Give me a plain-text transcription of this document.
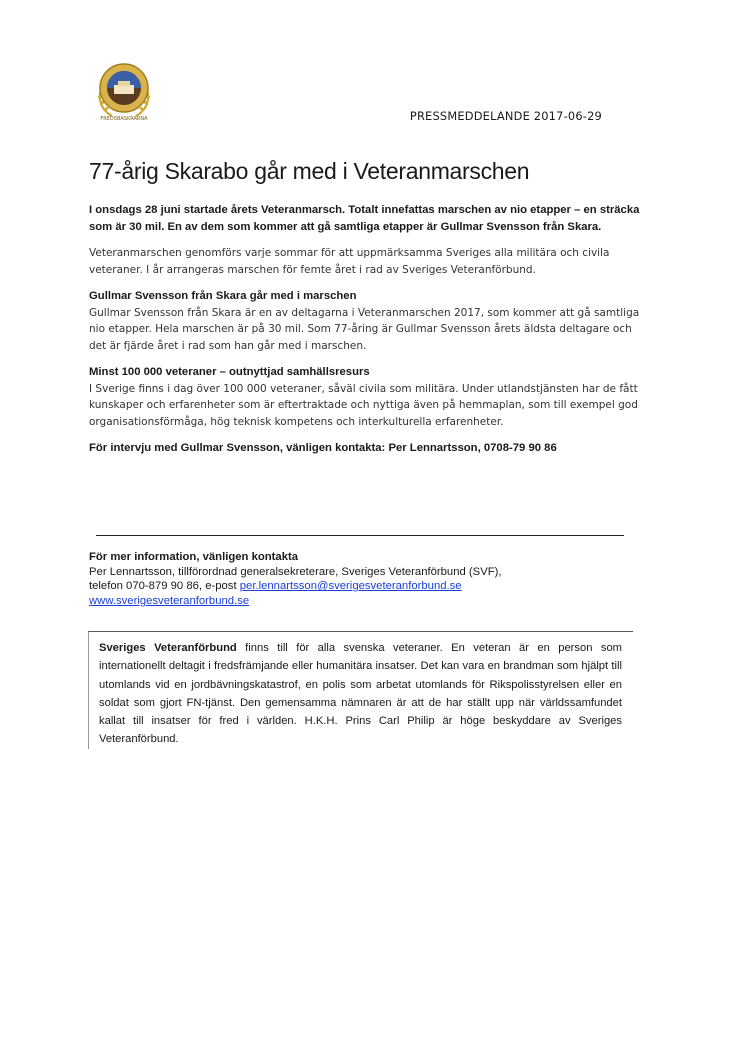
FREDSBASKRARNA	PRESSMEDDELANDE 2017-06-29
77-årig Skarabo går med i Veteranmarschen

I onsdags 28 juni startade årets Veteranmarsch. Totalt innefattas marschen av nio etapper – en sträcka som är 30 mil. En av dem som kommer att gå samtliga etapper är Gullmar Svensson från Skara.

Veteranmarschen genomförs varje sommar för att uppmärksamma Sveriges alla militära och civila veteraner. I år arrangeras marschen för femte året i rad av Sveriges Veteranförbund.

Gullmar Svensson från Skara går med i marschen

Gullmar Svensson från Skara är en av deltagarna i Veteranmarschen 2017, som kommer att gå samtliga nio etapper. Hela marschen är på 30 mil. Som 77-åring är Gullmar Svensson årets äldsta deltagare och det är fjärde året i rad som han går med i marschen.

Minst 100 000 veteraner – outnyttjad samhällsresurs

I Sverige finns i dag över 100 000 veteraner, såväl civila som militära. Under utlandstjänsten har de fått kunskaper och erfarenheter som är eftertraktade och nyttiga även på hemmaplan, som till exempel god organisationsförmåga, hög teknisk kompetens och interkulturella erfarenheter.

För intervju med Gullmar Svensson, vänligen kontakta: Per Lennartsson, 0708-79 90 86

För mer information, vänligen kontakta

Per Lennartsson, tillförordnad generalsekreterare, Sveriges Veteranförbund (SVF),

telefon 070-879 90 86, e-post per.lennartsson@sverigesveteranforbund.se

www.sverigesveteranforbund.se

Sveriges Veteranförbund finns till för alla svenska veteraner. En veteran är en person som internationellt deltagit i fredsfrämjande eller humanitära insatser. Det kan vara en brandman som hjälpt till utomlands vid en jordbävningskatastrof, en polis som arbetat utomlands för Rikspolisstyrelsen eller en soldat som gjort FN-tjänst. Den gemensamma nämnaren är att de har ställt upp när världssamfundet kallat till insatser för fred i världen. H.K.H. Prins Carl Philip är höge beskyddare av Sveriges Veteranförbund.
